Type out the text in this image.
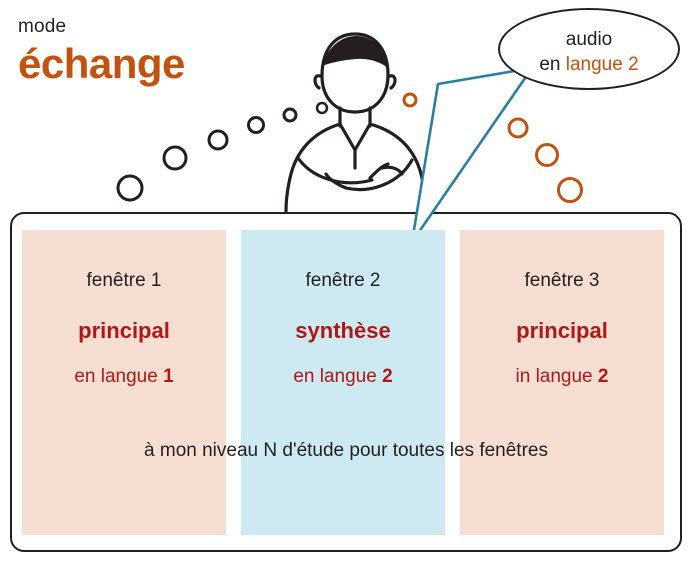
mode
échange
audio
en langue 2
fenêtre 1
principal
en langue 1
fenêtre 2
synthèse
en langue 2
fenêtre 3
principal
in langue 2
à mon niveau N d'étude pour toutes les fenêtres
